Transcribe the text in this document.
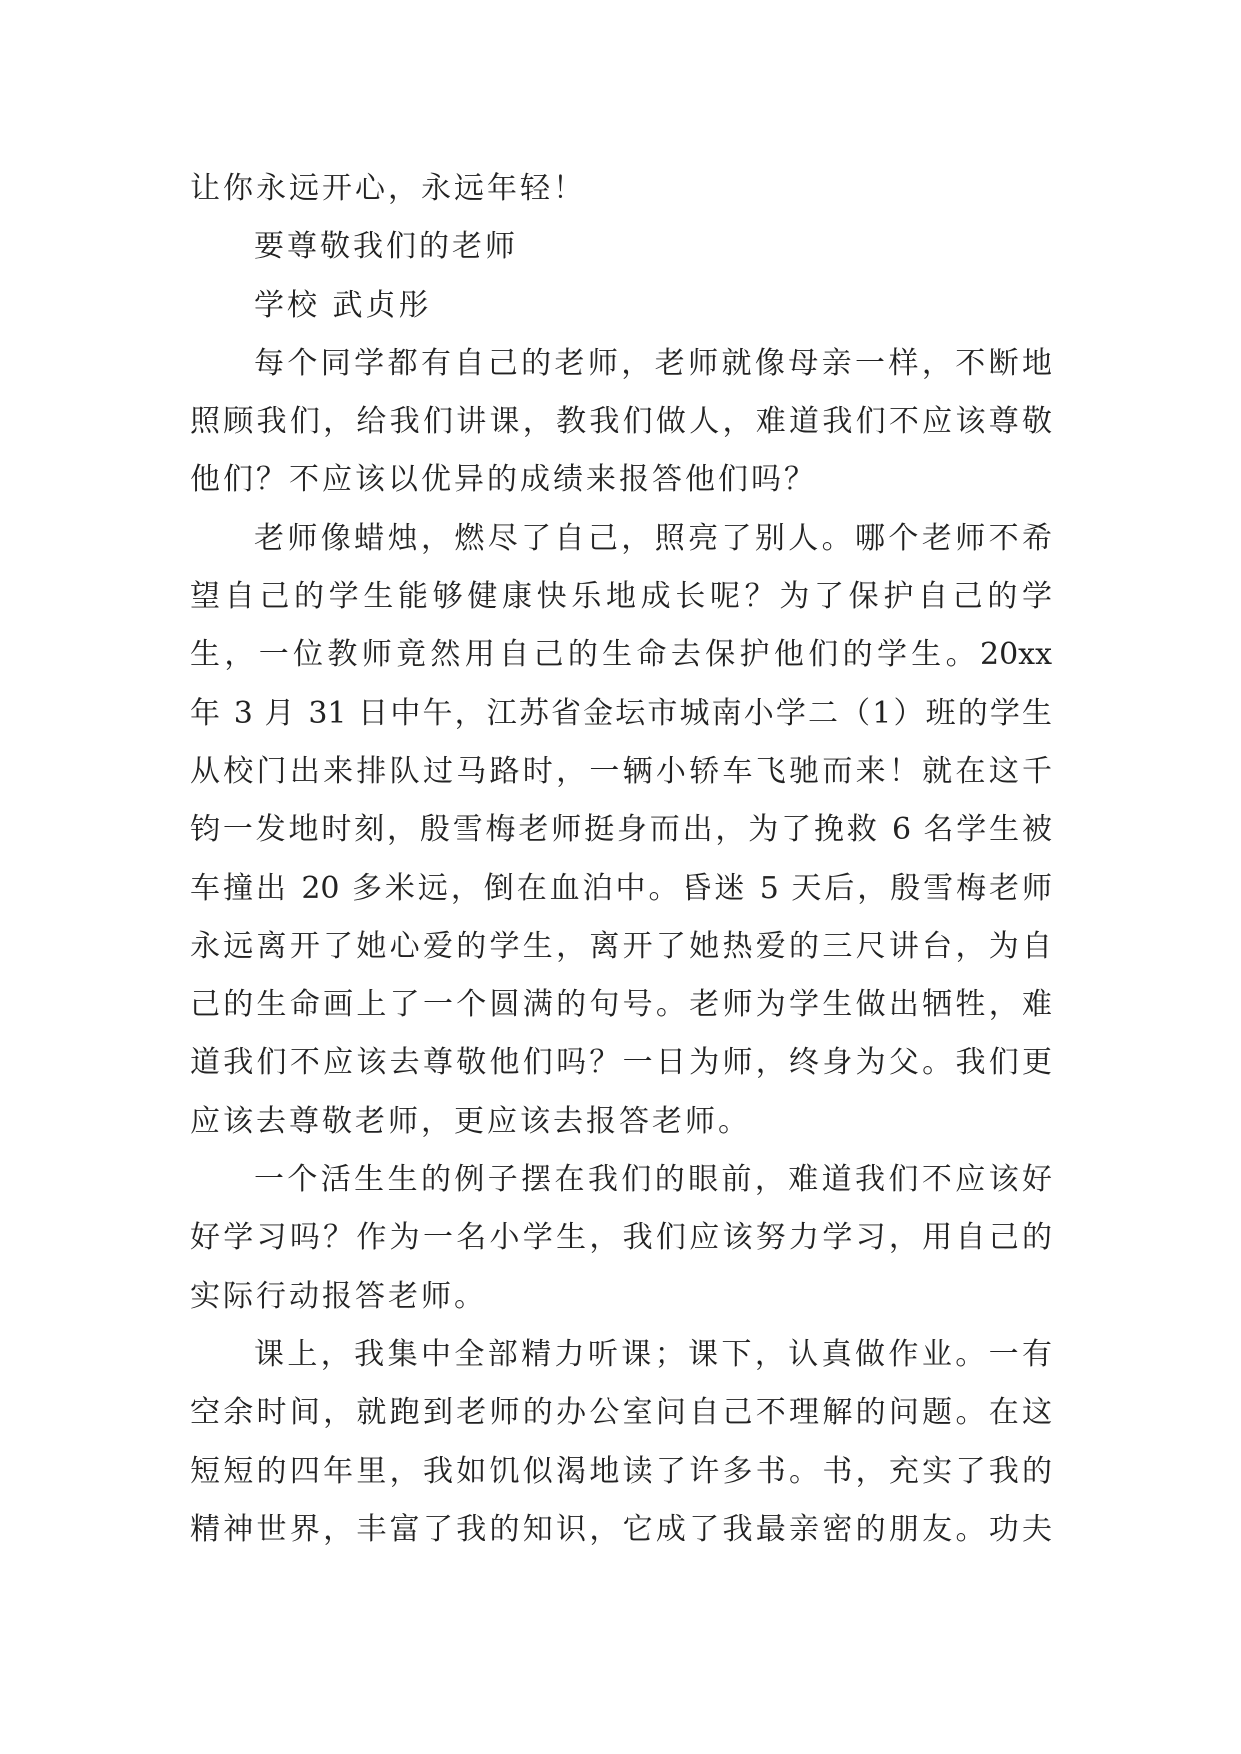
让你永远开心，永远年轻！
要尊敬我们的老师
学校 武贞彤
每个同学都有自己的老师，老师就像母亲一样，不断地
照顾我们，给我们讲课，教我们做人，难道我们不应该尊敬
他们？不应该以优异的成绩来报答他们吗？
老师像蜡烛，燃尽了自己，照亮了别人。哪个老师不希
望自己的学生能够健康快乐地成长呢？为了保护自己的学
生，一位教师竟然用自己的生命去保护他们的学生。20xx
年 3 月 31 日中午，江苏省金坛市城南小学二（1）班的学生
从校门出来排队过马路时，一辆小轿车飞驰而来！就在这千
钧一发地时刻，殷雪梅老师挺身而出，为了挽救 6 名学生被
车撞出 20 多米远，倒在血泊中。昏迷 5 天后，殷雪梅老师
永远离开了她心爱的学生，离开了她热爱的三尺讲台，为自
己的生命画上了一个圆满的句号。老师为学生做出牺牲，难
道我们不应该去尊敬他们吗？一日为师，终身为父。我们更
应该去尊敬老师，更应该去报答老师。
一个活生生的例子摆在我们的眼前，难道我们不应该好
好学习吗？作为一名小学生，我们应该努力学习，用自己的
实际行动报答老师。
课上，我集中全部精力听课；课下，认真做作业。一有
空余时间，就跑到老师的办公室问自己不理解的问题。在这
短短的四年里，我如饥似渴地读了许多书。书，充实了我的
精神世界，丰富了我的知识，它成了我最亲密的朋友。功夫
